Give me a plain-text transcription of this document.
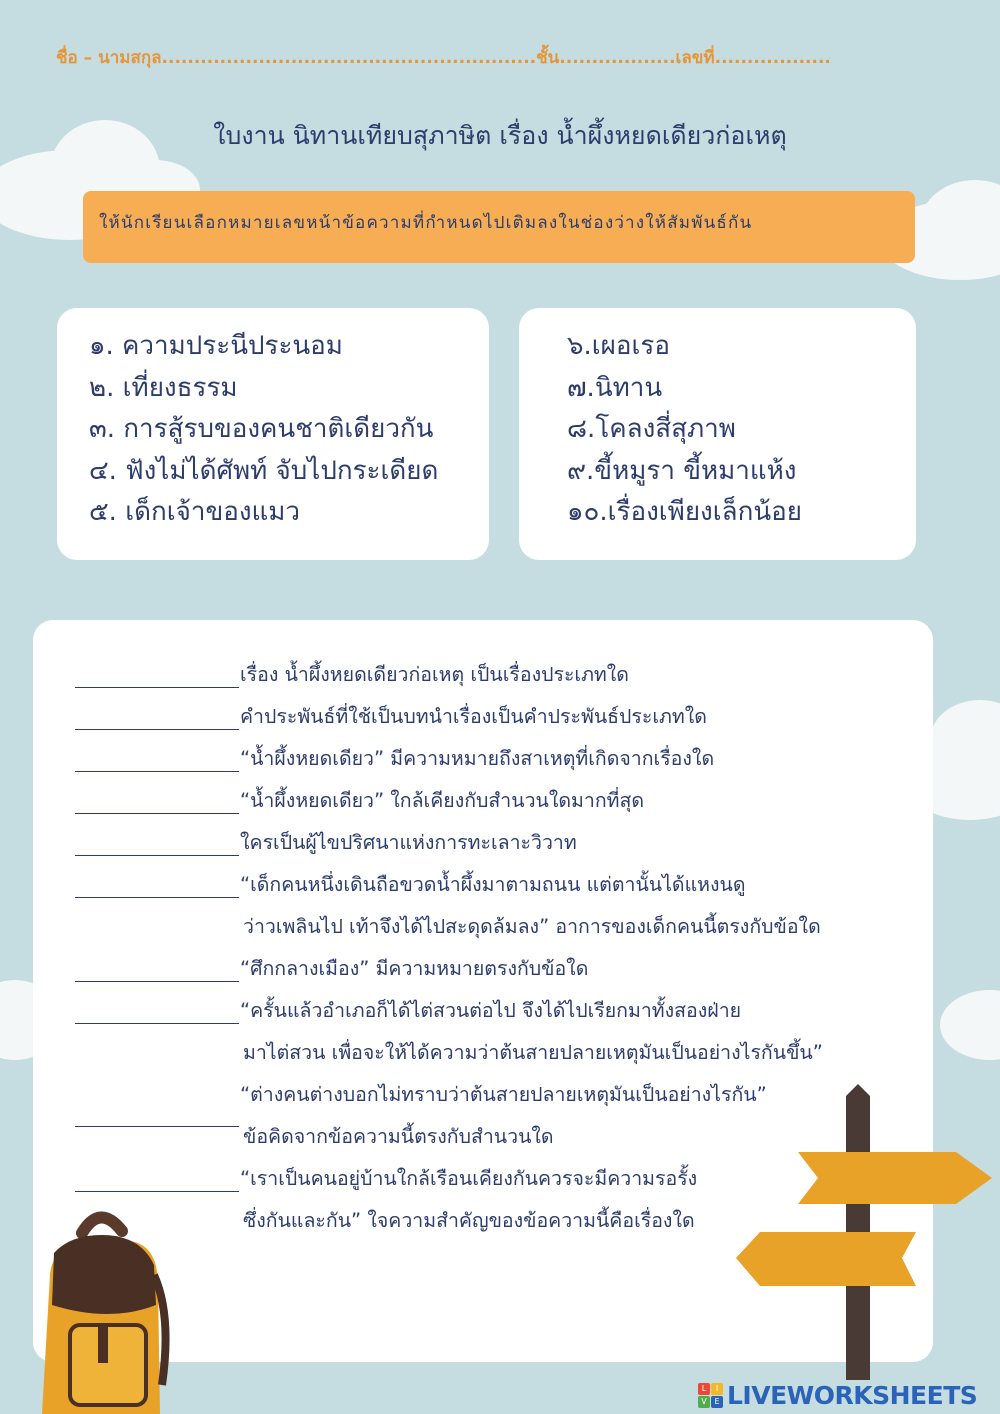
ชื่อ – นามสกุล..........................................................ชั้น..................เลขที่..................
ใบงาน นิทานเทียบสุภาษิต เรื่อง น้ำผึ้งหยดเดียวก่อเหตุ
ให้นักเรียนเลือกหมายเลขหน้าข้อความที่กำหนดไปเติมลงในช่องว่างให้สัมพันธ์กัน
๑. ความประนีประนอม
๒. เที่ยงธรรม
๓. การสู้รบของคนชาติเดียวกัน
๔. ฟังไม่ได้ศัพท์ จับไปกระเดียด
๕. เด็กเจ้าของแมว
๖.เผอเรอ
๗.นิทาน
๘.โคลงสี่สุภาพ
๙.ขี้หมูรา ขี้หมาแห้ง
๑๐.เรื่องเพียงเล็กน้อย
เรื่อง น้ำผึ้งหยดเดียวก่อเหตุ เป็นเรื่องประเภทใด
คำประพันธ์ที่ใช้เป็นบทนำเรื่องเป็นคำประพันธ์ประเภทใด
“น้ำผึ้งหยดเดียว” มีความหมายถึงสาเหตุที่เกิดจากเรื่องใด
“น้ำผึ้งหยดเดียว” ใกล้เคียงกับสำนวนใดมากที่สุด
ใครเป็นผู้ไขปริศนาแห่งการทะเลาะวิวาท
“เด็กคนหนึ่งเดินถือขวดน้ำผึ้งมาตามถนน แต่ตานั้นได้แหงนดู
ว่าวเพลินไป เท้าจึงได้ไปสะดุดล้มลง” อาการของเด็กคนนี้ตรงกับข้อใด
“ศึกกลางเมือง” มีความหมายตรงกับข้อใด
“ครั้นแล้วอำเภอก็ได้ไต่สวนต่อไป จึงได้ไปเรียกมาทั้งสองฝ่าย
มาไต่สวน เพื่อจะให้ได้ความว่าต้นสายปลายเหตุมันเป็นอย่างไรกันขึ้น”
“ต่างคนต่างบอกไม่ทราบว่าต้นสายปลายเหตุมันเป็นอย่างไรกัน”
ข้อคิดจากข้อความนี้ตรงกับสำนวนใด
“เราเป็นคนอยู่บ้านใกล้เรือนเคียงกันควรจะมีความรอรั้ง
ซึ่งกันและกัน” ใจความสำคัญของข้อความนี้คือเรื่องใด
L	I
V E LIVEWORKSHEETS
